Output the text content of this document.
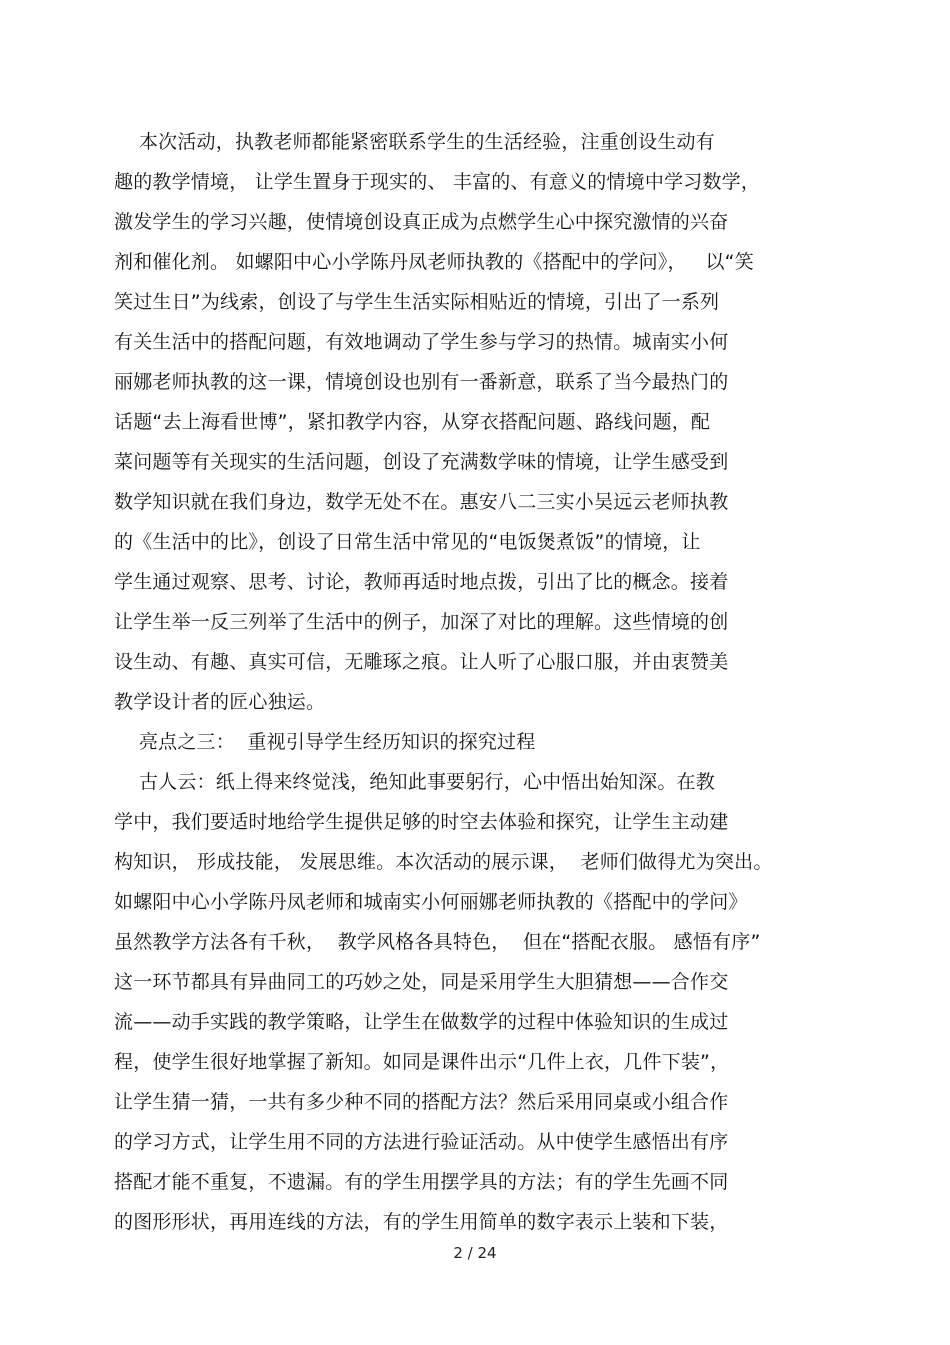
本次活动，执教老师都能紧密联系学生的生活经验，注重创设生动有
趣的教学情境， 让学生置身于现实的、 丰富的、有意义的情境中学习数学，
激发学生的学习兴趣，使情境创设真正成为点燃学生心中探究激情的兴奋
剂和催化剂。 如螺阳中心小学陈丹凤老师执教的《搭配中的学问》，   以“笑
笑过生日”为线索，创设了与学生生活实际相贴近的情境，引出了一系列
有关生活中的搭配问题，有效地调动了学生参与学习的热情。城南实小何
丽娜老师执教的这一课，情境创设也别有一番新意，联系了当今最热门的
话题“去上海看世博”，紧扣教学内容，从穿衣搭配问题、路线问题，配
菜问题等有关现实的生活问题，创设了充满数学味的情境，让学生感受到
数学知识就在我们身边，数学无处不在。惠安八二三实小吴远云老师执教
的《生活中的比》，创设了日常生活中常见的“电饭煲煮饭”的情境，让
学生通过观察、思考、讨论，教师再适时地点拨，引出了比的概念。接着
让学生举一反三列举了生活中的例子，加深了对比的理解。这些情境的创
设生动、有趣、真实可信，无雕琢之痕。让人听了心服口服，并由衷赞美
教学设计者的匠心独运。
亮点之三：  重视引导学生经历知识的探究过程
古人云：纸上得来终觉浅，绝知此事要躬行，心中悟出始知深。在教
学中，我们要适时地给学生提供足够的时空去体验和探究，让学生主动建
构知识， 形成技能， 发展思维。本次活动的展示课，  老师们做得尤为突出。
如螺阳中心小学陈丹凤老师和城南实小何丽娜老师执教的《搭配中的学问》
虽然教学方法各有千秋，  教学风格各具特色，  但在“搭配衣服。 感悟有序”
这一环节都具有异曲同工的巧妙之处，同是采用学生大胆猜想——合作交
流——动手实践的教学策略，让学生在做数学的过程中体验知识的生成过
程，使学生很好地掌握了新知。如同是课件出示“几件上衣，几件下装”，
让学生猜一猜，一共有多少种不同的搭配方法？然后采用同桌或小组合作
的学习方式，让学生用不同的方法进行验证活动。从中使学生感悟出有序
搭配才能不重复，不遗漏。有的学生用摆学具的方法；有的学生先画不同
的图形形状，再用连线的方法，有的学生用简单的数字表示上装和下装，
2 / 24
